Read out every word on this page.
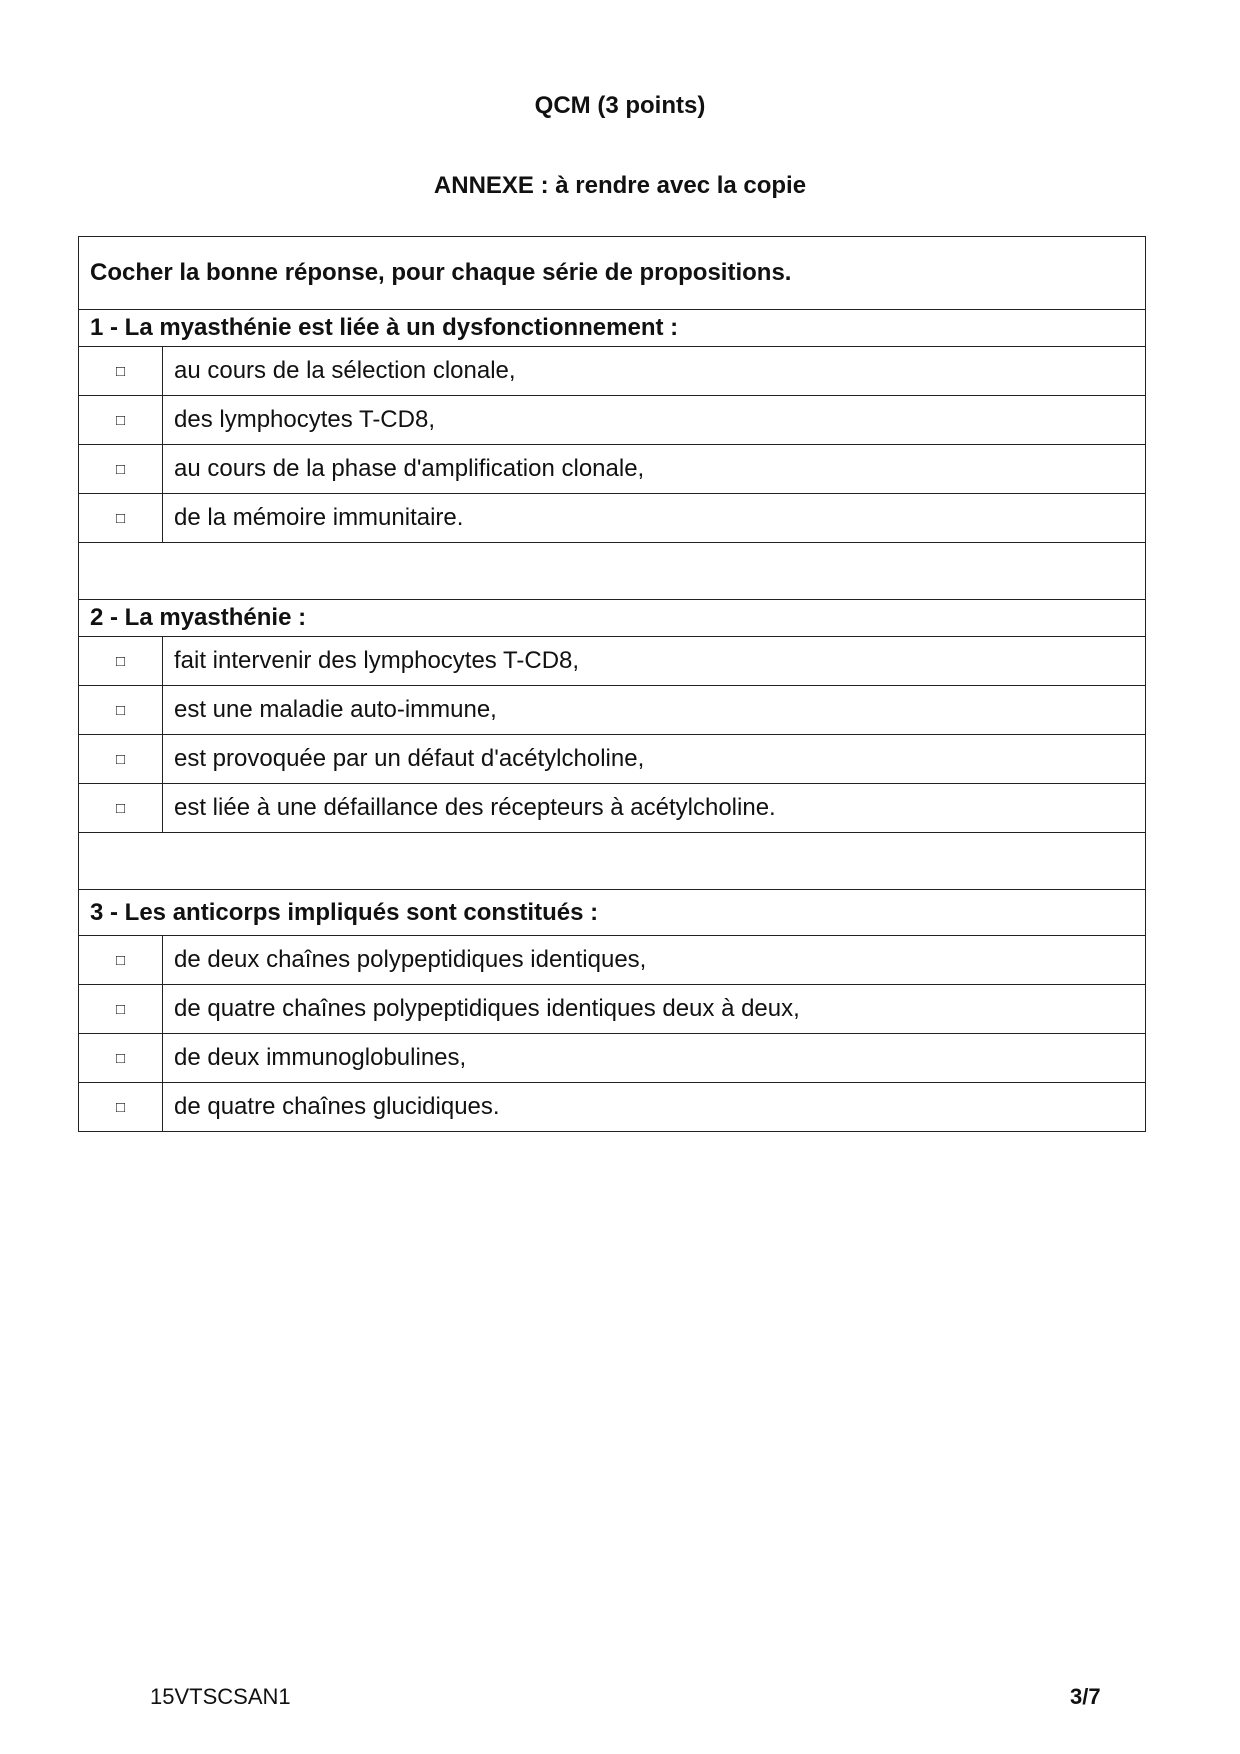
QCM (3 points)
ANNEXE : à rendre avec la copie
Cocher la bonne réponse, pour chaque série de propositions.	
1 - La myasthénie est liée à un dysfonctionnement :	
□	au cours de la sélection clonale,
□	des lymphocytes T-CD8,
□	au cours de la phase d'amplification clonale,
□	de la mémoire immunitaire.

2 - La myasthénie :	
□	fait intervenir des lymphocytes T-CD8,
□	est une maladie auto-immune,
□	est provoquée par un défaut d'acétylcholine,
□	est liée à une défaillance des récepteurs à acétylcholine.

3 - Les anticorps impliqués sont constitués :	
□	de deux chaînes polypeptidiques identiques,
□	de quatre chaînes polypeptidiques identiques deux à deux,
□	de deux immunoglobulines,
□	de quatre chaînes glucidiques.
15VTSCSAN1	3/7
